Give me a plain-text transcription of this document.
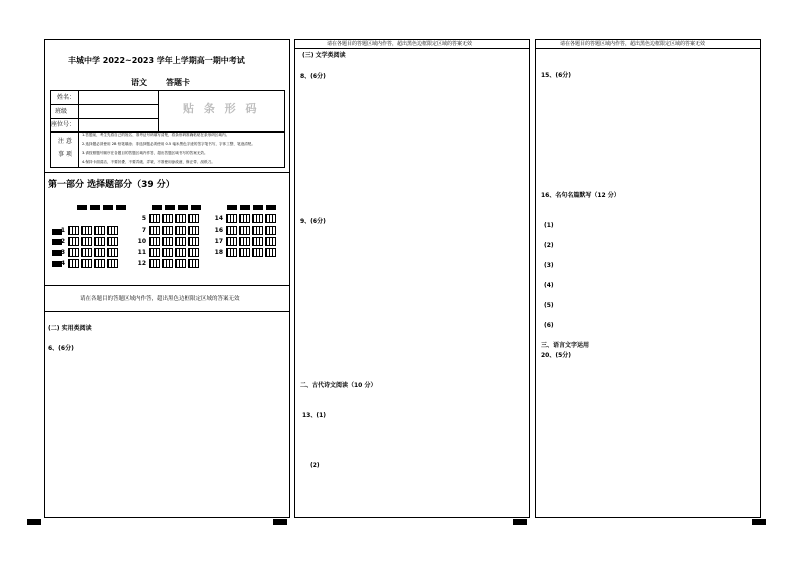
丰城中学 2022~2023 学年上学期高一期中考试
语文 答题卡
姓名：
班级
座位号：
贴 条 形 码
注 意
事 项
1.答题前，考生先将自己的姓名、准考证号码填写清楚，将条形码准确粘贴在条形码区域内。
2.选择题必须使用 2B 铅笔填涂；非选择题必须使用 0.5 毫米黑色字迹的签字笔书写，字体工整、笔迹清楚。
3.请按照题号顺序在各题目的答题区域内作答，超出答题区域书写的答案无效。
4.保持卡面清洁，不要折叠、不要弄破、弄皱，不准使用涂改液、修正带、刮纸刀。
第一部分 选择题部分（39 分）
1
2
3
4
5
7
10
11
12
14
16
17
18
请在各题目的答题区域内作答，超出黑色边框限定区域的答案无效
(二) 实用类阅读
6、(6分)
请在各题目的答题区域内作答，超出黑色边框限定区域的答案无效
(三) 文学类阅读
8、(6分)
9、(6分)
二、古代诗文阅读（10 分）
13、(1)
(2)
请在各题目的答题区域内作答，超出黑色边框限定区域的答案无效
15、(6分)
16、名句名篇默写（12 分）
(1)
(2)
(3)
(4)
(5)
(6)
三、语言文字运用
20、(5分)
